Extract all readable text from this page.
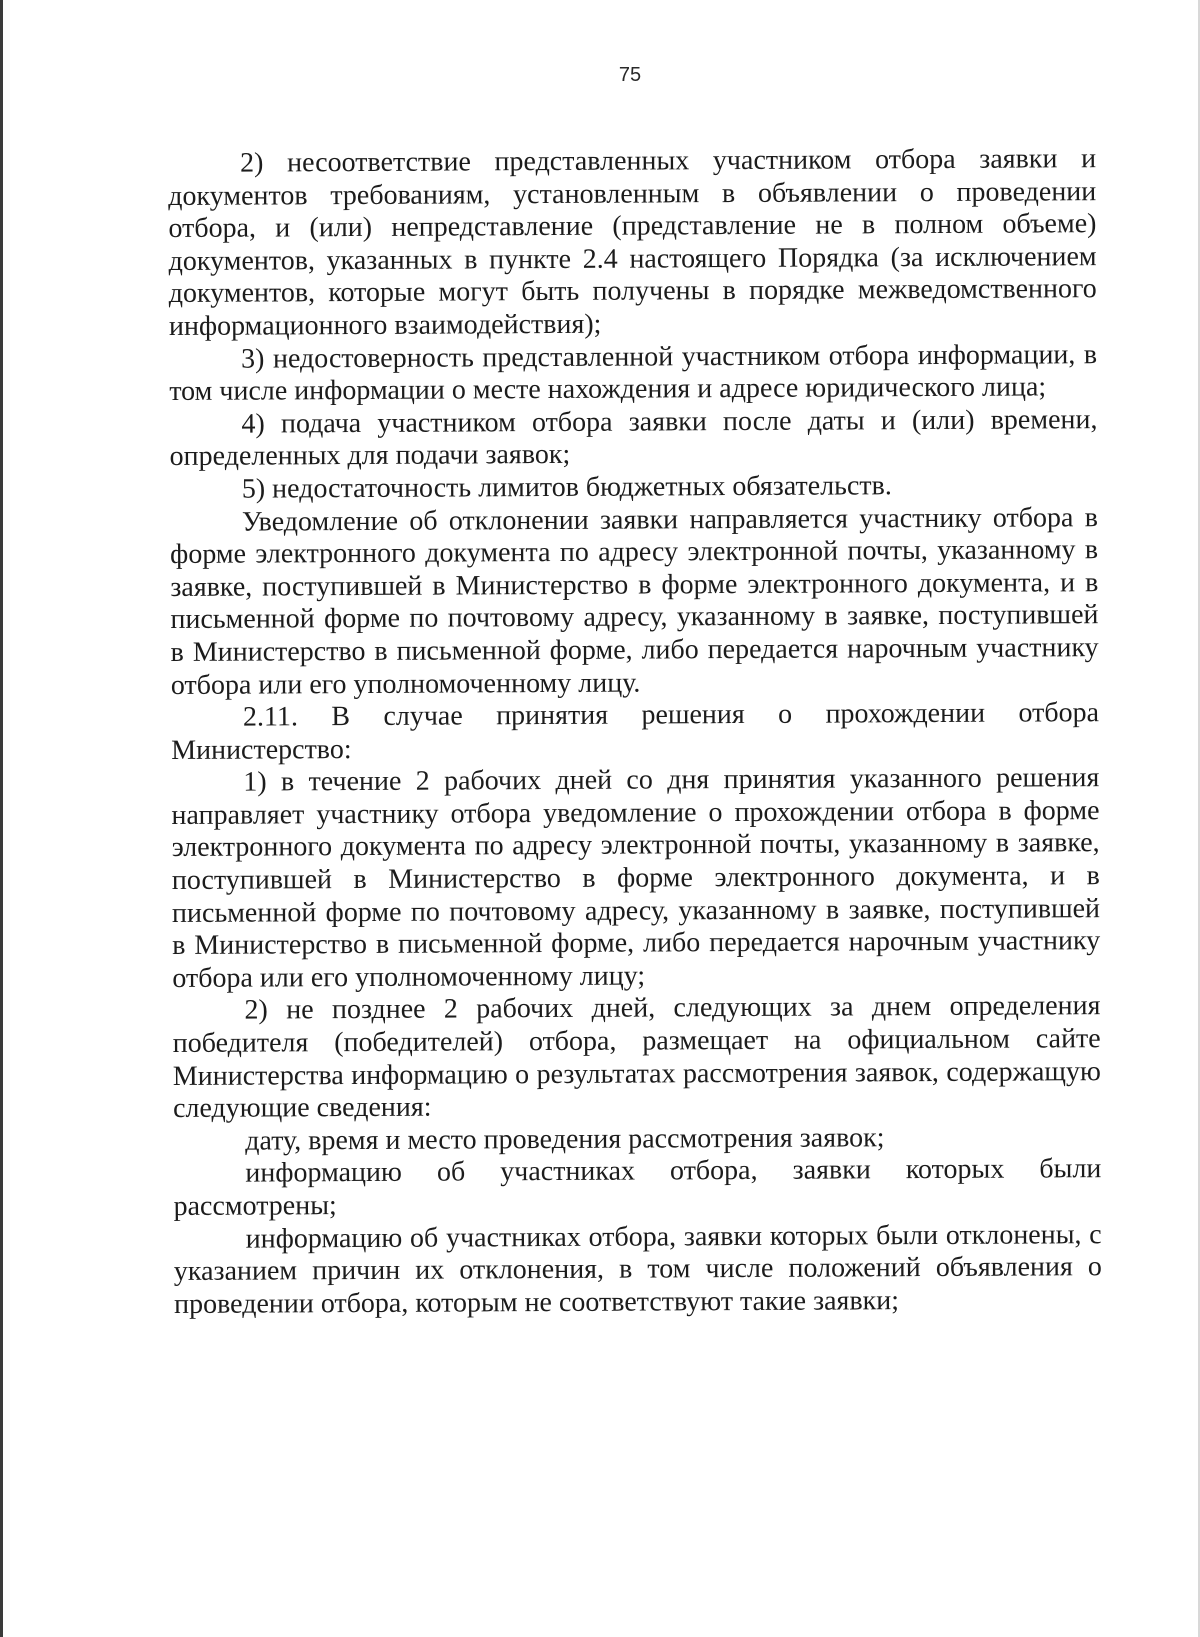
75

2) несоответствие представленных участником отбора заявки и документов требованиям, установленным в объявлении о проведении отбора, и (или) непредставление (представление не в полном объеме) документов, указанных в пункте 2.4 настоящего Порядка (за исключением документов, которые могут быть получены в порядке межведомственного информационного взаимодействия);

3) недостоверность представленной участником отбора информации, в том числе информации о месте нахождения и адресе юридического лица;

4) подача участником отбора заявки после даты и (или) времени, определенных для подачи заявок;

5) недостаточность лимитов бюджетных обязательств.

Уведомление об отклонении заявки направляется участнику отбора в форме электронного документа по адресу электронной почты, указанному в заявке, поступившей в Министерство в форме электронного документа, и в письменной форме по почтовому адресу, указанному в заявке, поступившей в Министерство в письменной форме, либо передается нарочным участнику отбора или его уполномоченному лицу.

2.11. В случае принятия решения о прохождении отбора Министерство:

1) в течение 2 рабочих дней со дня принятия указанного решения направляет участнику отбора уведомление о прохождении отбора в форме электронного документа по адресу электронной почты, указанному в заявке, поступившей в Министерство в форме электронного документа, и в письменной форме по почтовому адресу, указанному в заявке, поступившей в Министерство в письменной форме, либо передается нарочным участнику отбора или его уполномоченному лицу;

2) не позднее 2 рабочих дней, следующих за днем определения победителя (победителей) отбора, размещает на официальном сайте Министерства информацию о результатах рассмотрения заявок, содержащую следующие сведения:

дату, время и место проведения рассмотрения заявок;

информацию об участниках отбора, заявки которых были рассмотрены;

информацию об участниках отбора, заявки которых были отклонены, с указанием причин их отклонения, в том числе положений объявления о проведении отбора, которым не соответствуют такие заявки;
